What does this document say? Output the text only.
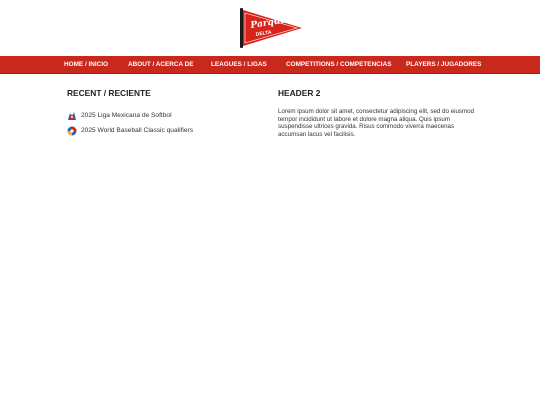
Parque
DELTA
HOME / INICIO	ABOUT / ACERCA DE	LEAGUES / LIGAS	COMPETITIONS / COMPETENCIAS PLAYERS / JUGADORES
RECENT / RECIENTE
2025 Liga Mexicana de Softbol
2025 World Baseball Classic qualifiers
HEADER 2

Lorem ipsum dolor sit amet, consectetur adipiscing elit, sed do eiusmod tempor incididunt ut labore et dolore magna aliqua. Quis ipsum suspendisse ultrices gravida. Risus commodo viverra maecenas accumsan lacus vel facilisis.
